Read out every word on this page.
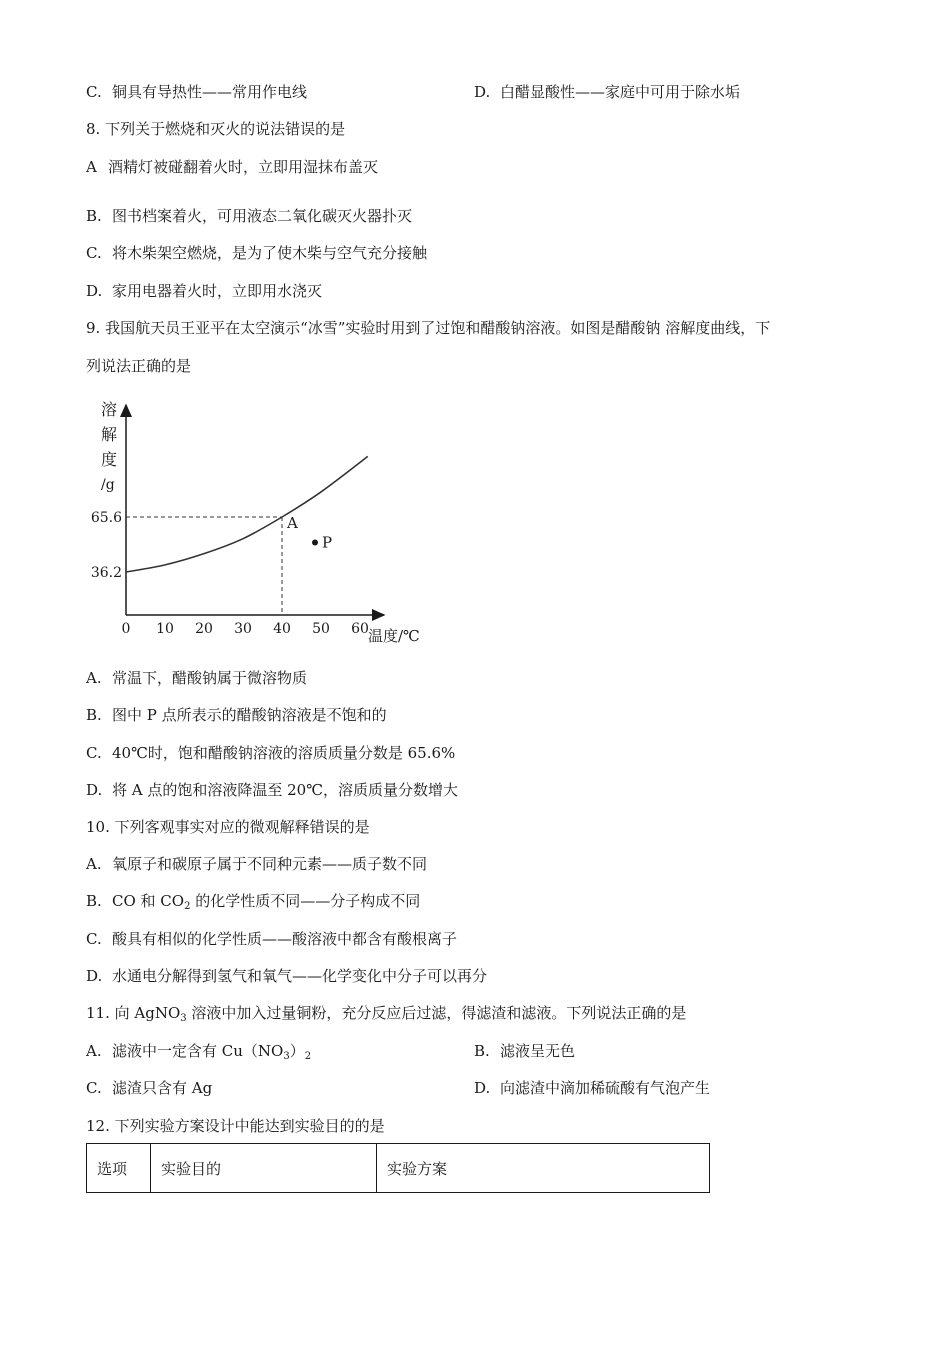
C. 铜具有导热性——常用作电线	D. 白醋显酸性——家庭中可用于除水垢
8. 下列关于燃烧和灭火的说法错误的是
A 酒精灯被碰翻着火时，立即用湿抹布盖灭
B. 图书档案着火，可用液态二氧化碳灭火器扑灭
C. 将木柴架空燃烧，是为了使木柴与空气充分接触
D. 家用电器着火时，立即用水浇灭
9. 我国航天员王亚平在太空演示“冰雪”实验时用到了过饱和醋酸钠溶液。如图是醋酸钠 溶解度曲线，下
列说法正确的是
溶
解
度
/g
温度/℃
0 10 20 30 40 50 60
36.2
65.6	A
P
A. 常温下，醋酸钠属于微溶物质
B. 图中 P 点所表示的醋酸钠溶液是不饱和的
C. 40℃时，饱和醋酸钠溶液的溶质质量分数是 65.6%
D. 将 A 点的饱和溶液降温至 20℃，溶质质量分数增大
10. 下列客观事实对应的微观解释错误的是
A. 氧原子和碳原子属于不同种元素——质子数不同
B. CO 和 $CO_2$ 的化学性质不同——分子构成不同
C. 酸具有相似的化学性质——酸溶液中都含有酸根离子
D. 水通电分解得到氢气和氧气——化学变化中分子可以再分
11. 向 AgNO$_3$ 溶液中加入过量铜粉，充分反应后过滤，得滤渣和滤液。下列说法正确的是
A. 滤液中一定含有 $Cu(NO_3)_2$	B. 滤液呈无色
C. 滤渣只含有 Ag	D. 向滤渣中滴加稀硫酸有气泡产生
12. 下列实验方案设计中能达到实验目的的是
选项	实验目的	实验方案
